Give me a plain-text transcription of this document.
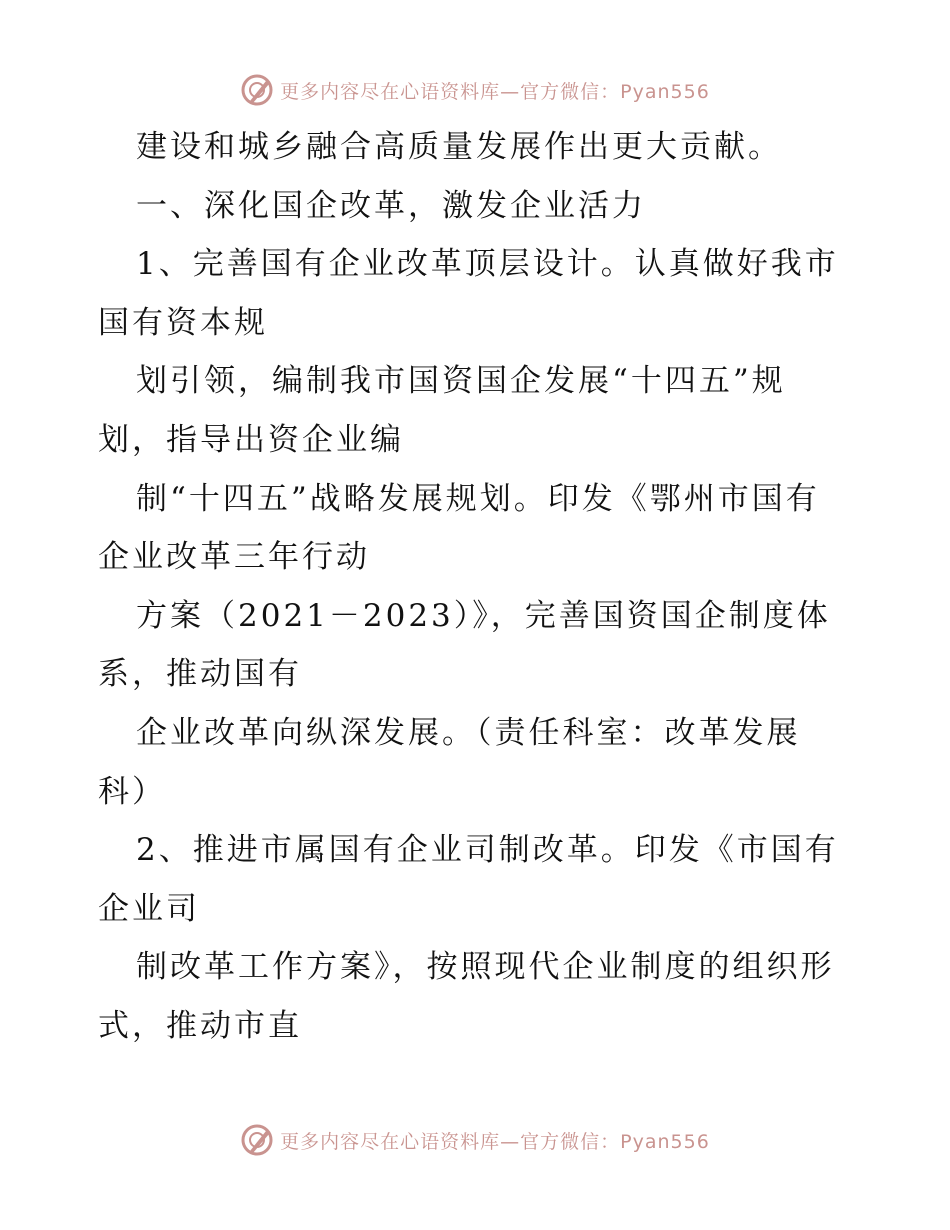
更多内容尽在心语资料库—官方微信：Pyan556
建设和城乡融合高质量发展作出更大贡献。
一、深化国企改革，激发企业活力
1、完善国有企业改革顶层设计。认真做好我市
国有资本规
划引领，编制我市国资国企发展“十四五”规
划，指导出资企业编
制“十四五”战略发展规划。印发《鄂州市国有
企业改革三年行动
方案（2021－2023）》，完善国资国企制度体
系，推动国有
企业改革向纵深发展。（责任科室：改革发展
科）
2、推进市属国有企业司制改革。印发《市国有
企业司
制改革工作方案》，按照现代企业制度的组织形
式，推动市直
更多内容尽在心语资料库—官方微信：Pyan556
